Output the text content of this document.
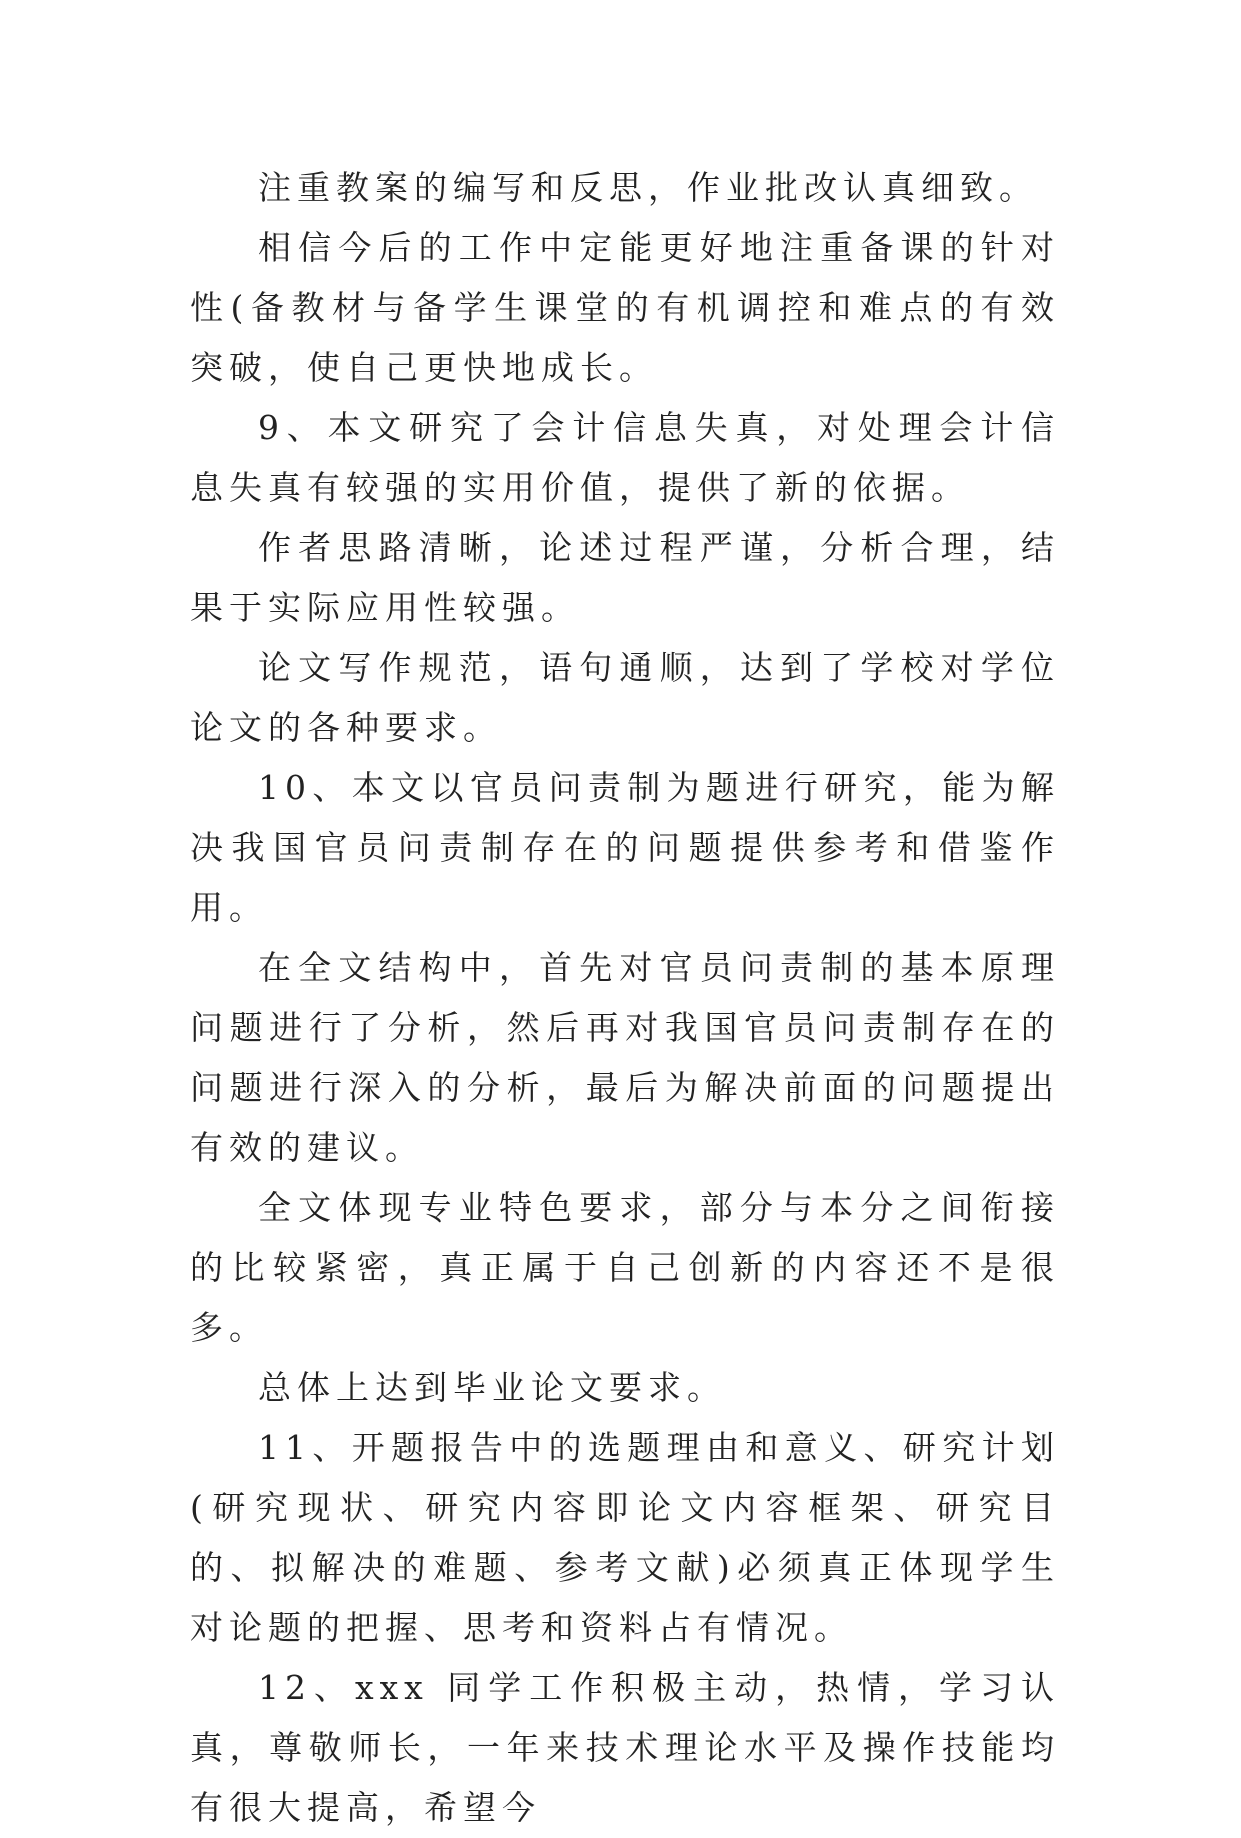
注重教案的编写和反思，作业批改认真细致。

相信今后的工作中定能更好地注重备课的针对性(备教材与备学生课堂的有机调控和难点的有效突破，使自己更快地成长。

9、本文研究了会计信息失真，对处理会计信息失真有较强的实用价值，提供了新的依据。

作者思路清晰，论述过程严谨，分析合理，结果于实际应用性较强。

论文写作规范，语句通顺，达到了学校对学位论文的各种要求。

10、本文以官员问责制为题进行研究，能为解决我国官员问责制存在的问题提供参考和借鉴作用。

在全文结构中，首先对官员问责制的基本原理问题进行了分析，然后再对我国官员问责制存在的问题进行深入的分析，最后为解决前面的问题提出有效的建议。

全文体现专业特色要求，部分与本分之间衔接的比较紧密，真正属于自己创新的内容还不是很多。

总体上达到毕业论文要求。

11、开题报告中的选题理由和意义、研究计划(研究现状、研究内容即论文内容框架、研究目的、拟解决的难题、参考文献)必须真正体现学生对论题的把握、思考和资料占有情况。

12、xxx 同学工作积极主动，热情，学习认真，尊敬师长，一年来技术理论水平及操作技能均有很大提高，希望今
